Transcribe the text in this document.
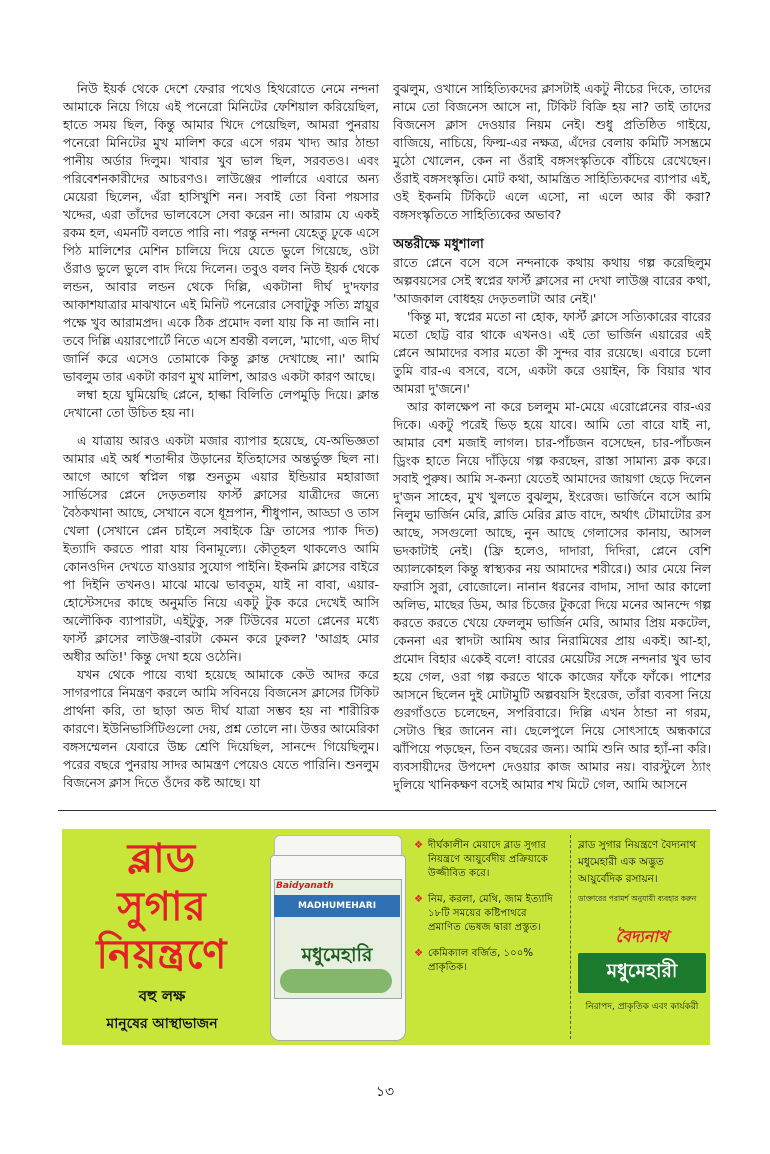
নিউ ইয়র্ক থেকে দেশে ফেরার পথেও হিথরোতে নেমে নন্দনা আমাকে নিয়ে গিয়ে এই পনেরো মিনিটের ফেশিয়াল করিয়েছিল, হাতে সময় ছিল, কিন্তু আমার খিদে পেয়েছিল, আমরা পুনরায় পনেরো মিনিটের মুখ মালিশ করে এসে গরম খাদ্য আর ঠান্ডা পানীয় অর্ডার দিলুম। খাবার খুব ভাল ছিল, সরবত‌ও। এবং পরিবেশনকারীদের আচরণও। লাউঞ্জের পার্লারে এবারে অন্য মেয়েরা ছিলেন, এঁরা হাসিখুশি নন। সবাই তো বিনা পয়সার খদ্দের, এরা তাঁদের ভালবেসে সেবা করেন না। আরাম যে একই রকম হল, এমনটি বলতে পারি না। পরন্তু নন্দনা যেহেতু ঢুকে এসে পিঠ মালিশের মেশিন চালিয়ে দিয়ে যেতে ভুলে গিয়েছে, ওটা ওঁরাও ভুলে ভুলে বাদ দিয়ে দিলেন। তবুও বলব নিউ ইয়র্ক থেকে লন্ডন, আবার লন্ডন থেকে দিল্লি, একটানা দীর্ঘ দু'দফার আকাশযাত্রার মাঝখানে এই মিনিট পনেরোর সেবাটুকু সত্যি স্নায়ুর পক্ষে খুব আরামপ্রদ। একে ঠিক প্রমোদ বলা যায় কি না জানি না। তবে দিল্লি এয়ারপোর্টে নিতে এসে শ্রবন্তী বললে, 'মাগো, এত দীর্ঘ জার্নি করে এসেও তোমাকে কিন্তু ক্লান্ত দেখাচ্ছে না।' আমি ভাবলুম তার একটা কারণ মুখ মালিশ, আরও একটা কারণ আছে।

লম্বা হয়ে ঘুমিয়েছি প্লেনে, হাল্কা বিলিতি লেপমুড়ি দিয়ে। ক্লান্ত দেখানো তো উচিত হয় না।

এ যাত্রায় আরও একটা মজার ব্যাপার হয়েছে, যে-অভিজ্ঞতা আমার এই অর্ধ শতাব্দীর উড়ানের ইতিহাসের অন্তর্ভুক্ত ছিল না। আগে আগে স্বপ্নিল গল্প শুনতুম এয়ার ইন্ডিয়ার মহারাজা সার্ভিসের প্লেনে দেড়তলায় ফার্স্ট ক্লাসের যাত্রীদের জন্যে বৈঠকখানা আছে, সেখানে বসে ধূম্রপান, শীধুপান, আড্ডা ও তাস খেলা (সেখানে প্লেন চাইলে সবাইকে ফ্রি তাসের প্যাক দিত) ইত্যাদি করতে পারা যায় বিনামূল্যে। কৌতূহল থাকলেও আমি কোনওদিন দেখতে যাওয়ার সুযোগ পাইনি। ইকনমি ক্লাসের বাইরে পা দিইনি তখনও। মাঝে মাঝে ভাবতুম, যাই না বাবা, এয়ার-হোস্টেসদের কাছে অনুমতি নিয়ে একটু টুক করে দেখেই আসি অলৌকিক ব্যাপারটা, এইটুকু, সরু টিউবের মতো প্লেনের মধ্যে ফার্স্ট ক্লাসের লাউঞ্জ-বারটা কেমন করে ঢুকল? 'আগ্রহ মোর অধীর অতি!' কিন্তু দেখা হয়ে ওঠেনি।

যখন থেকে পায়ে ব্যথা হয়েছে আমাকে কেউ আদর করে সাগরপারে নিমন্ত্রণ করলে আমি সবিনয়ে বিজনেস ক্লাসের টিকিট প্রার্থনা করি, তা ছাড়া অত দীর্ঘ যাত্রা সম্ভব হয় না শারীরিক কারণে। ইউনিভার্সিটিগুলো দেয়, প্রশ্ন তোলে না। উত্তর আমেরিকা বঙ্গসম্মেলন যেবারে উচ্চ শ্রেণি দিয়েছিল, সানন্দে গিয়েছিলুম। পরের বছরে পুনরায় সাদর আমন্ত্রণ পেয়েও যেতে পারিনি। শুনলুম বিজনেস ক্লাস দিতে ওঁদের কষ্ট আছে। যা

বুঝলুম, ওখানে সাহিত্যিকদের ক্লাসটাই একটু নীচের দিকে, তাদের নামে তো বিজনেস আসে না, টিকিট বিক্রি হয় না? তাই তাদের বিজনেস ক্লাস দেওয়ার নিয়ম নেই। শুধু প্রতিষ্ঠিত গাইয়ে, বাজিয়ে, নাচিয়ে, ফিল্ম-এর নক্ষত্র, এঁদের বেলায় কমিটি সসম্ভ্রমে মুঠো খোলেন, কেন না ওঁরাই বঙ্গসংস্কৃতিকে বাঁচিয়ে রেখেছেন। ওঁরাই বঙ্গসংস্কৃতি। মোট কথা, আমন্ত্রিত সাহিত্যিকদের ব্যাপার এই, ওই ইকনমি টিকিটে এলে এসো, না এলে আর কী করা? বঙ্গসংস্কৃতিতে সাহিত্যিকের অভাব?

অন্তরীক্ষে মধুশালা

রাতে প্লেনে বসে বসে নন্দনাকে কথায় কথায় গল্প করেছিলুম অল্পবয়সের সেই স্বপ্নের ফার্স্ট ক্লাসের না দেখা লাউঞ্জ বারের কথা, 'আজকাল বোধহয় দেড়তলাটা আর নেই।'

'কিন্তু মা, স্বপ্নের মতো না হোক, ফার্স্ট ক্লাসে সত্যিকারের বারের মতো ছোট্ট বার থাকে এখনও। এই তো ভার্জিন এয়ারের এই প্লেনে আমাদের বসার মতো কী সুন্দর বার রয়েছে। এবারে চলো তুমি বার-এ বসবে, বসে, একটা করে ওয়াইন, কি বিয়ার খাব আমরা দু'জনে।'

আর কালক্ষেপ না করে চললুম মা-মেয়ে এরোপ্লেনের বার-এর দিকে। একটু পরেই ভিড় হয়ে যাবে। আমি তো বারে যাই না, আমার বেশ মজাই লাগল। চার-পাঁচজন বসেছেন, চার-পাঁচজন ড্রিংক হাতে নিয়ে দাঁড়িয়ে গল্প করছেন, রাস্তা সামান্য ব্লক করে। সবাই পুরুষ। আমি স-কন্যা যেতেই আমাদের জায়গা ছেড়ে দিলেন দু'জন সাহেব, মুখ খুলতে বুঝলুম, ইংরেজ। ভার্জিনে বসে আমি নিলুম ভার্জিন মেরি, ব্লাডি মেরির ব্লাড বাদে, অর্থাৎ টোমাটোর রস আছে, সসগুলো আছে, নুন আছে গেলাসের কানায়, আসল ভদকাটাই নেই। (ফ্রি হলেও, দাদারা, দিদিরা, প্লেনে বেশি অ্যালকোহল কিন্তু স্বাস্থ্যকর নয় আমাদের শরীরে।) আর মেয়ে নিল ফরাসি সুরা, বোজোলে। নানান ধরনের বাদাম, সাদা আর কালো অলিভ, মাছের ডিম, আর চিজের টুকরো দিয়ে মনের আনন্দে গল্প করতে করতে খেয়ে ফেললুম ভার্জিন মেরি, আমার প্রিয় মকটেল, কেননা এর স্বাদটা আমিষ আর নিরামিষের প্রায় একই। আ-হা, প্রমোদ বিহার একেই বলে! বারের মেয়েটির সঙ্গে নন্দনার খুব ভাব হয়ে গেল, ওরা গল্প করতে থাকে কাজের ফাঁকে ফাঁকে। পাশের আসনে ছিলেন দুই মোটামুটি অল্পবয়সি ইংরেজ, তাঁরা ব্যবসা নিয়ে গুরগাঁওতে চলেছেন, সপরিবারে। দিল্লি এখন ঠান্ডা না গরম, সেটাও স্থির জানেন না। ছেলেপুলে নিয়ে সোৎসাহে অন্ধকারে ঝাঁপিয়ে পড়ছেন, তিন বছরের জন্য। আমি শুনি আর হ্যাঁ-না করি। ব্যবসায়ীদের উপদেশ দেওয়ার কাজ আমার নয়। বারস্টুলে ঠ্যাং দুলিয়ে খানিকক্ষণ বসেই আমার শখ মিটে গেল, আমি আসনে

ব্লাড
সুগার
নিয়ন্ত্রণে
বহু লক্ষ
মানুষের আস্থাভাজন
Baidyanath
MADHUMEHARI
মধুমেহারি
❖ দীর্ঘকালীন মেয়াদে ব্লাড সুগার নিয়ন্ত্রণে আয়ুর্বেদীয় প্রক্রিয়াকে উজ্জীবিত করে।
❖ নিম, করলা, মেথি, জাম ইত্যাদি ১৮টি সময়ের কষ্টিপাথরে প্রমাণিত ভেষজ দ্বারা প্রস্তুত।
❖ কেমিক্যাল বর্জিত, ১০০% প্রাকৃতিক।
ব্লাড সুগার নিয়ন্ত্রণে বৈদ্যনাথ মধুমেহারী এক অদ্ভুত আয়ুর্বেদিক রসায়ন।
ডাক্তারের পরামর্শ অনুযায়ী ব্যবহার করুন
বৈদ্যনাথ
মধুমেহারী
নিরাপদ, প্রাকৃতিক এবং কার্যকরী
১৩
